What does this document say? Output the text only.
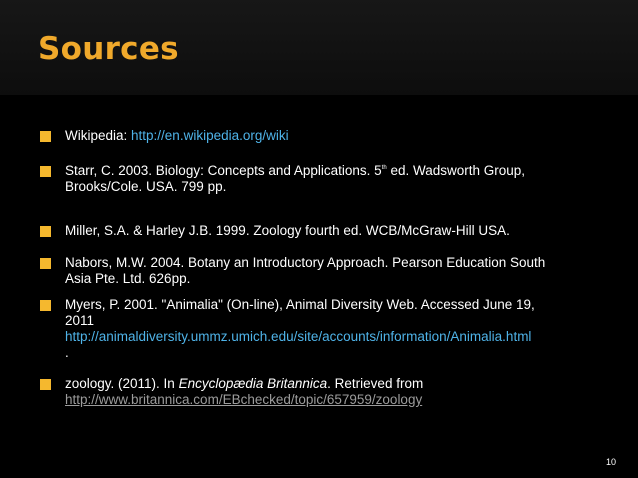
Sources
Wikipedia: http://en.wikipedia.org/wiki
Starr, C. 2003. Biology: Concepts and Applications. 5th ed. Wadsworth Group,
Brooks/Cole. USA. 799 pp.
Miller, S.A. & Harley J.B. 1999. Zoology fourth ed. WCB/McGraw-Hill USA.
Nabors, M.W. 2004. Botany an Introductory Approach. Pearson Education South
Asia Pte. Ltd. 626pp.
Myers, P. 2001. "Animalia" (On-line), Animal Diversity Web. Accessed June 19,
2011
http://animaldiversity.ummz.umich.edu/site/accounts/information/Animalia.html
.
zoology. (2011). In Encyclopædia Britannica. Retrieved from
http://www.britannica.com/EBchecked/topic/657959/zoology
10
